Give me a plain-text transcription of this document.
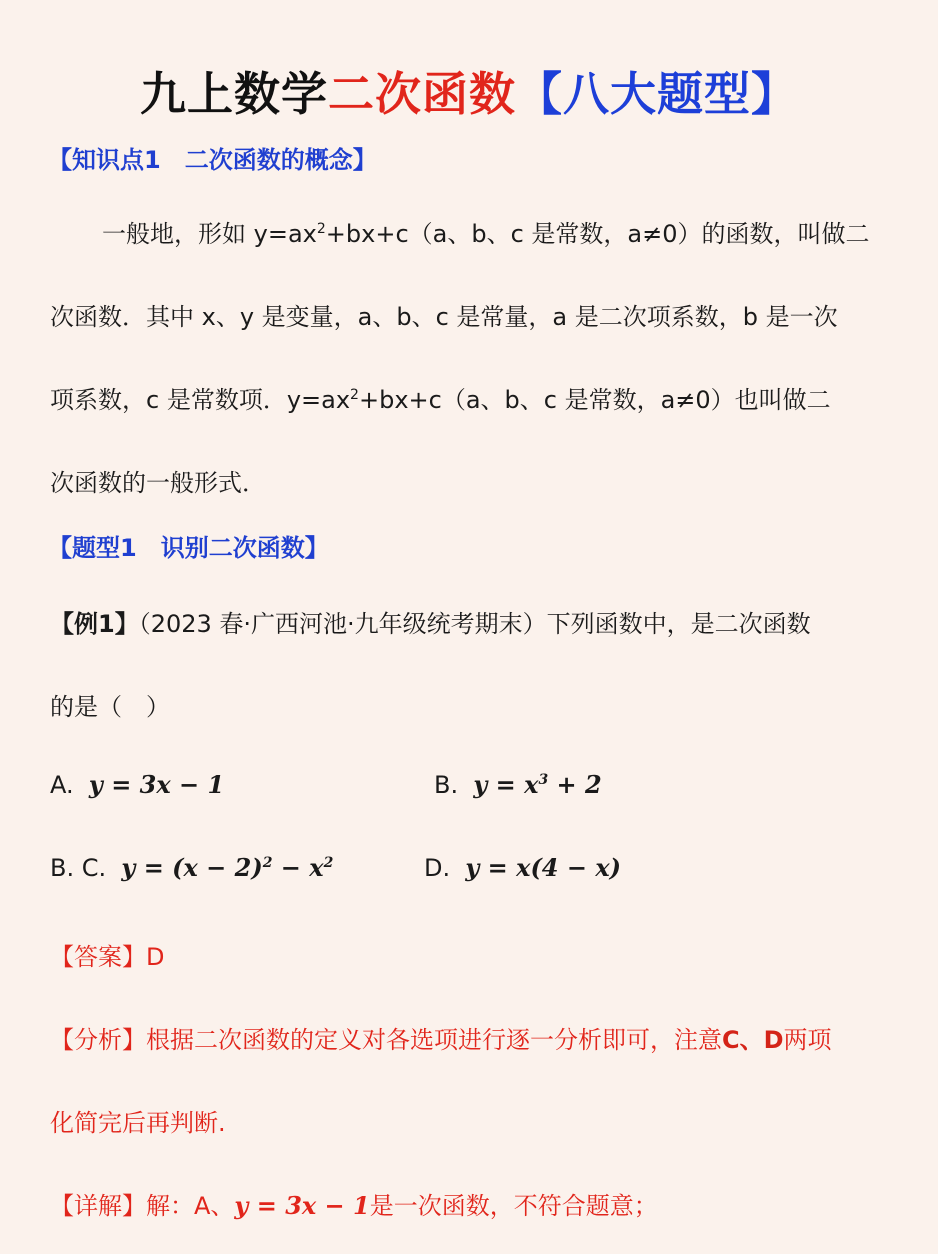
九上数学二次函数【八大题型】
【知识点1　二次函数的概念】
一般地，形如 $y=ax^2+bx+c(a$、b、c 是常数，a≠0）的函数，叫做二
次函数．其中 x、y 是变量，a、b、c 是常量，a 是二次项系数，b 是一次
项系数，c 是常数项．$y=ax^2+bx+c(a$、b、c 是常数，a≠0）也叫做二
次函数的一般形式．
【题型1　识别二次函数】
【例1】（2023 春·广西河池·九年级统考期末）下列函数中，是二次函数
的是（　）
A. y = 3x − 1	B. $y = x^3 + 2$
B. C. $y = (x - 2)^2 - x^2$	D. y = x(4 − x)
【答案】D
【分析】根据二次函数的定义对各选项进行逐一分析即可，注意C、D两项
化简完后再判断.
【详解】解：A、y = 3x − 1是一次函数，不符合题意；
